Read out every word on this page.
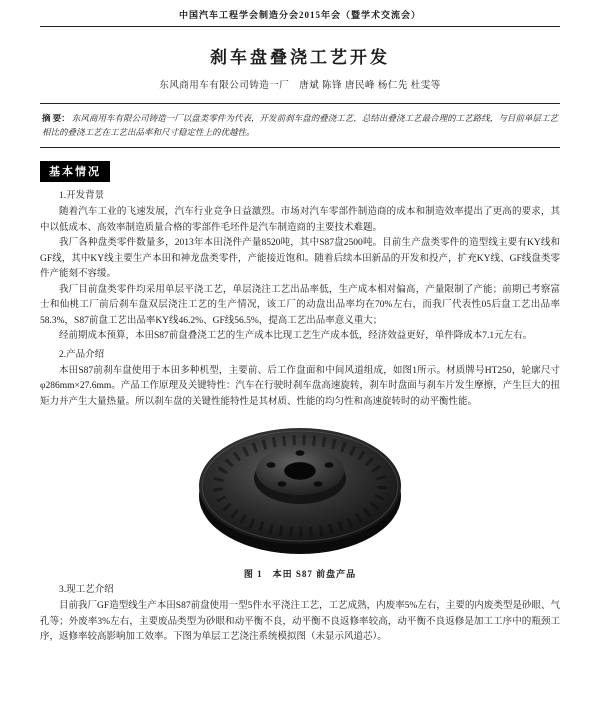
中国汽车工程学会制造分会2015年会（暨学术交流会）
刹车盘叠浇工艺开发
东风商用车有限公司铸造一厂　唐斌 陈锋 唐民峰 杨仁先 杜雯等
摘 要： 东风商用车有限公司铸造一厂以盘类零件为代表，开发前刹车盘的叠浇工艺，总结出叠浇工艺最合理的工艺路线，与目前单层工艺相比的叠浇工艺在工艺出品率和尺寸稳定性上的优越性。
基本情况
1.开发背景

随着汽车工业的飞速发展，汽车行业竞争日益激烈。市场对汽车零部件制造商的成本和制造效率提出了更高的要求，其中以低成本、高效率制造质量合格的零部件毛坯件是汽车制造商的主要技术难题。

我厂各种盘类零件数量多，2013年本田浇件产量8520吨，其中S87盘2500吨。目前生产盘类零件的造型线主要有KY线和GF线，其中KY线主要生产本田和神龙盘类零件，产能接近饱和。随着后续本田新品的开发和投产，扩充KY线、GF线盘类零件产能刻不容缓。

我厂目前盘类零件均采用单层平浇工艺，单层浇注工艺出品率低，生产成本相对偏高，产量限制了产能；前期已考察富士和仙桃工厂前后刹车盘双层浇注工艺的生产情况，该工厂的动盘出品率均在70%左右，而我厂代表性05后盘工艺出品率58.3%，S87前盘工艺出品率KY线46.2%、GF线56.5%，提高工艺出品率意义重大；

经前期成本预算，本田S87前盘叠浇工艺的生产成本比现工艺生产成本低，经济效益更好，单件降成本7.1元左右。

2.产品介绍

本田S87前刹车盘使用于本田多种机型，主要前、后工作盘面和中间风道组成，如图1所示。材质牌号HT250，轮廓尺寸φ286mm×27.6mm。产品工作原理及关键特性：汽车在行驶时刹车盘高速旋转，刹车时盘面与刹车片发生摩擦，产生巨大的扭矩力并产生大量热量。所以刹车盘的关键性能特性是其材质、性能的均匀性和高速旋转时的动平衡性能。

图 1　本田 S87 前盘产品
3.现工艺介绍

目前我厂GF造型线生产本田S87前盘使用一型5件水平浇注工艺，工艺成熟，内废率5%左右，主要的内废类型是砂眼、气孔等；外废率3%左右，主要废品类型为砂眼和动平衡不良，动平衡不良返修率较高，动平衡不良返修是加工工序中的瓶颈工序，返修率较高影响加工效率。下图为单层工艺浇注系统模拟图（未显示风道芯）。
